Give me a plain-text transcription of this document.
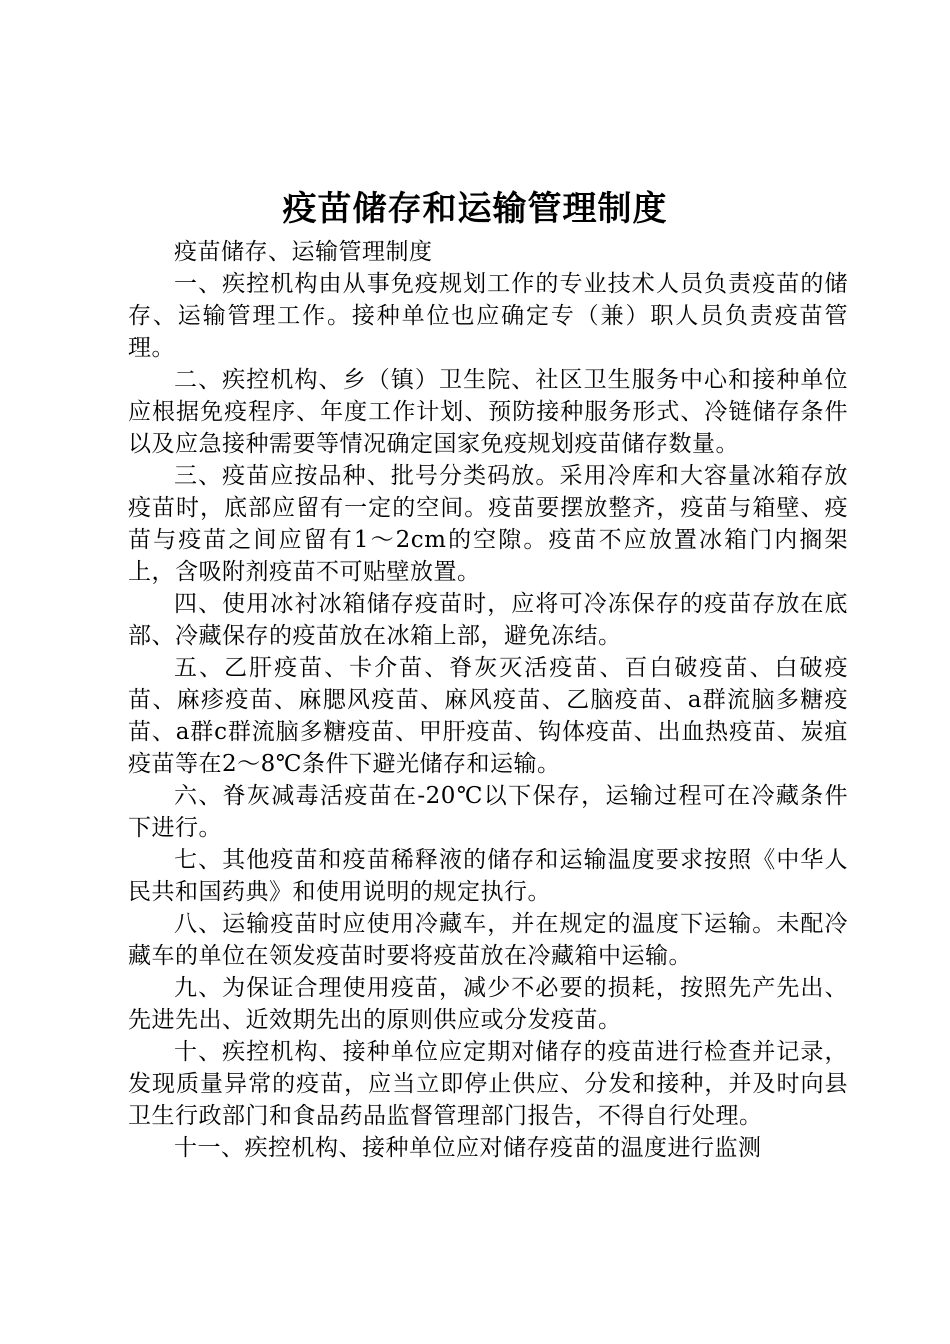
疫苗储存和运输管理制度

疫苗储存、运输管理制度

一、疾控机构由从事免疫规划工作的专业技术人员负责疫苗的储存、运输管理工作。接种单位也应确定专（兼）职人员负责疫苗管理。

二、疾控机构、乡（镇）卫生院、社区卫生服务中心和接种单位应根据免疫程序、年度工作计划、预防接种服务形式、冷链储存条件以及应急接种需要等情况确定国家免疫规划疫苗储存数量。

三、疫苗应按品种、批号分类码放。采用冷库和大容量冰箱存放疫苗时，底部应留有一定的空间。疫苗要摆放整齐，疫苗与箱壁、疫苗与疫苗之间应留有1～2cm的空隙。疫苗不应放置冰箱门内搁架上，含吸附剂疫苗不可贴壁放置。

四、使用冰衬冰箱储存疫苗时，应将可冷冻保存的疫苗存放在底部、冷藏保存的疫苗放在冰箱上部，避免冻结。

五、乙肝疫苗、卡介苗、脊灰灭活疫苗、百白破疫苗、白破疫苗、麻疹疫苗、麻腮风疫苗、麻风疫苗、乙脑疫苗、a群流脑多糖疫苗、a群c群流脑多糖疫苗、甲肝疫苗、钩体疫苗、出血热疫苗、炭疽疫苗等在2～8℃条件下避光储存和运输。

六、脊灰减毒活疫苗在-20℃以下保存，运输过程可在冷藏条件下进行。

七、其他疫苗和疫苗稀释液的储存和运输温度要求按照《中华人民共和国药典》和使用说明的规定执行。

八、运输疫苗时应使用冷藏车，并在规定的温度下运输。未配冷藏车的单位在领发疫苗时要将疫苗放在冷藏箱中运输。

九、为保证合理使用疫苗，减少不必要的损耗，按照先产先出、先进先出、近效期先出的原则供应或分发疫苗。

十、疾控机构、接种单位应定期对储存的疫苗进行检查并记录，发现质量异常的疫苗，应当立即停止供应、分发和接种，并及时向县卫生行政部门和食品药品监督管理部门报告，不得自行处理。

十一、疾控机构、接种单位应对储存疫苗的温度进行监测
